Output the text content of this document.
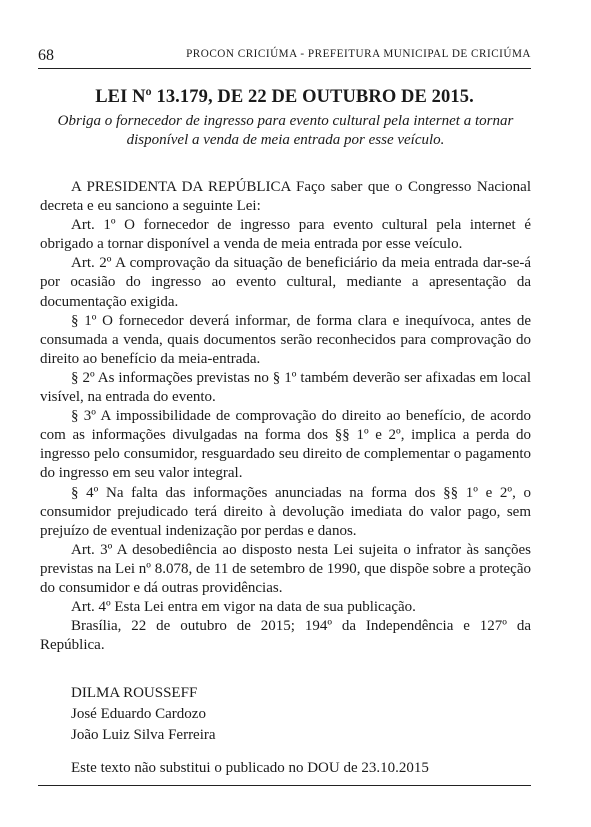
68	PROCON CRICIÚMA - PREFEITURA MUNICIPAL DE CRICIÚMA
LEI Nº 13.179, DE 22 DE OUTUBRO DE 2015.
Obriga o fornecedor de ingresso para evento cultural pela internet a tornar disponível a venda de meia entrada por esse veículo.

A PRESIDENTA DA REPÚBLICA Faço saber que o Congresso Nacional decreta e eu sanciono a seguinte Lei:

Art. 1º O fornecedor de ingresso para evento cultural pela internet é obrigado a tornar disponível a venda de meia entrada por esse veículo.

Art. 2º A comprovação da situação de beneficiário da meia entrada dar-se-á por ocasião do ingresso ao evento cultural, mediante a apresentação da documentação exigida.

§ 1º O fornecedor deverá informar, de forma clara e inequívoca, antes de consumada a venda, quais documentos serão reconhecidos para comprovação do direito ao benefício da meia-entrada.

§ 2º As informações previstas no § 1º também deverão ser afixadas em local visível, na entrada do evento.

§ 3º A impossibilidade de comprovação do direito ao benefício, de acordo com as informações divulgadas na forma dos §§ 1º e 2º, implica a perda do ingresso pelo consumidor, resguardado seu direito de complementar o pagamento do ingresso em seu valor integral.

§ 4º Na falta das informações anunciadas na forma dos §§ 1º e 2º, o consumidor prejudicado terá direito à devolução imediata do valor pago, sem prejuízo de eventual indenização por perdas e danos.

Art. 3º A desobediência ao disposto nesta Lei sujeita o infrator às sanções previstas na Lei nº 8.078, de 11 de setembro de 1990, que dispõe sobre a proteção do consumidor e dá outras providências.

Art. 4º Esta Lei entra em vigor na data de sua publicação.

Brasília, 22 de outubro de 2015; 194º da Independência e 127º da República.

DILMA ROUSSEFF
José Eduardo Cardozo
João Luiz Silva Ferreira
Este texto não substitui o publicado no DOU de 23.10.2015
